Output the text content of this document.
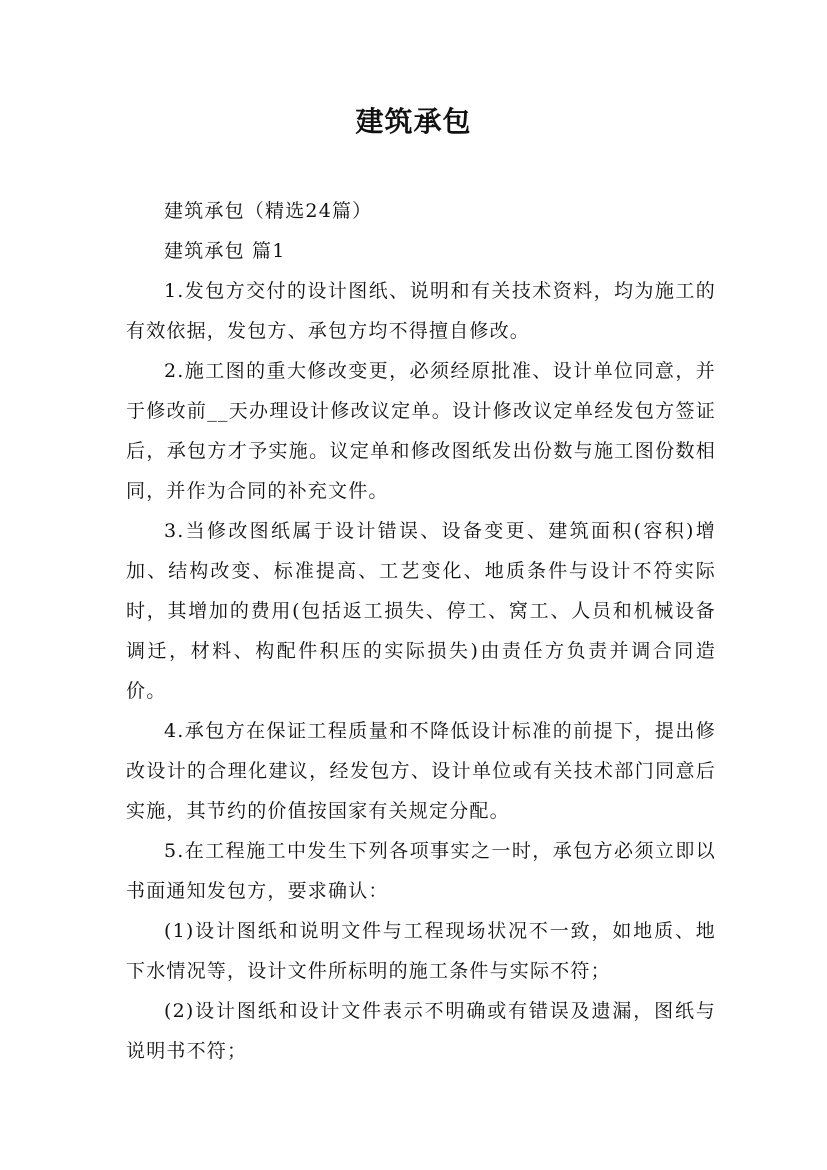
建筑承包

建筑承包（精选24篇）

建筑承包 篇1

1.发包方交付的设计图纸、说明和有关技术资料，均为施工的有效依据，发包方、承包方均不得擅自修改。

2.施工图的重大修改变更，必须经原批准、设计单位同意，并于修改前__天办理设计修改议定单。设计修改议定单经发包方签证后，承包方才予实施。议定单和修改图纸发出份数与施工图份数相同，并作为合同的补充文件。

3.当修改图纸属于设计错误、设备变更、建筑面积(容积)增加、结构改变、标准提高、工艺变化、地质条件与设计不符实际时，其增加的费用(包括返工损失、停工、窝工、人员和机械设备调迁，材料、构配件积压的实际损失)由责任方负责并调合同造价。

4.承包方在保证工程质量和不降低设计标准的前提下，提出修改设计的合理化建议，经发包方、设计单位或有关技术部门同意后实施，其节约的价值按国家有关规定分配。

5.在工程施工中发生下列各项事实之一时，承包方必须立即以书面通知发包方，要求确认：

(1)设计图纸和说明文件与工程现场状况不一致，如地质、地下水情况等，设计文件所标明的施工条件与实际不符；

(2)设计图纸和设计文件表示不明确或有错误及遗漏，图纸与说明书不符；
